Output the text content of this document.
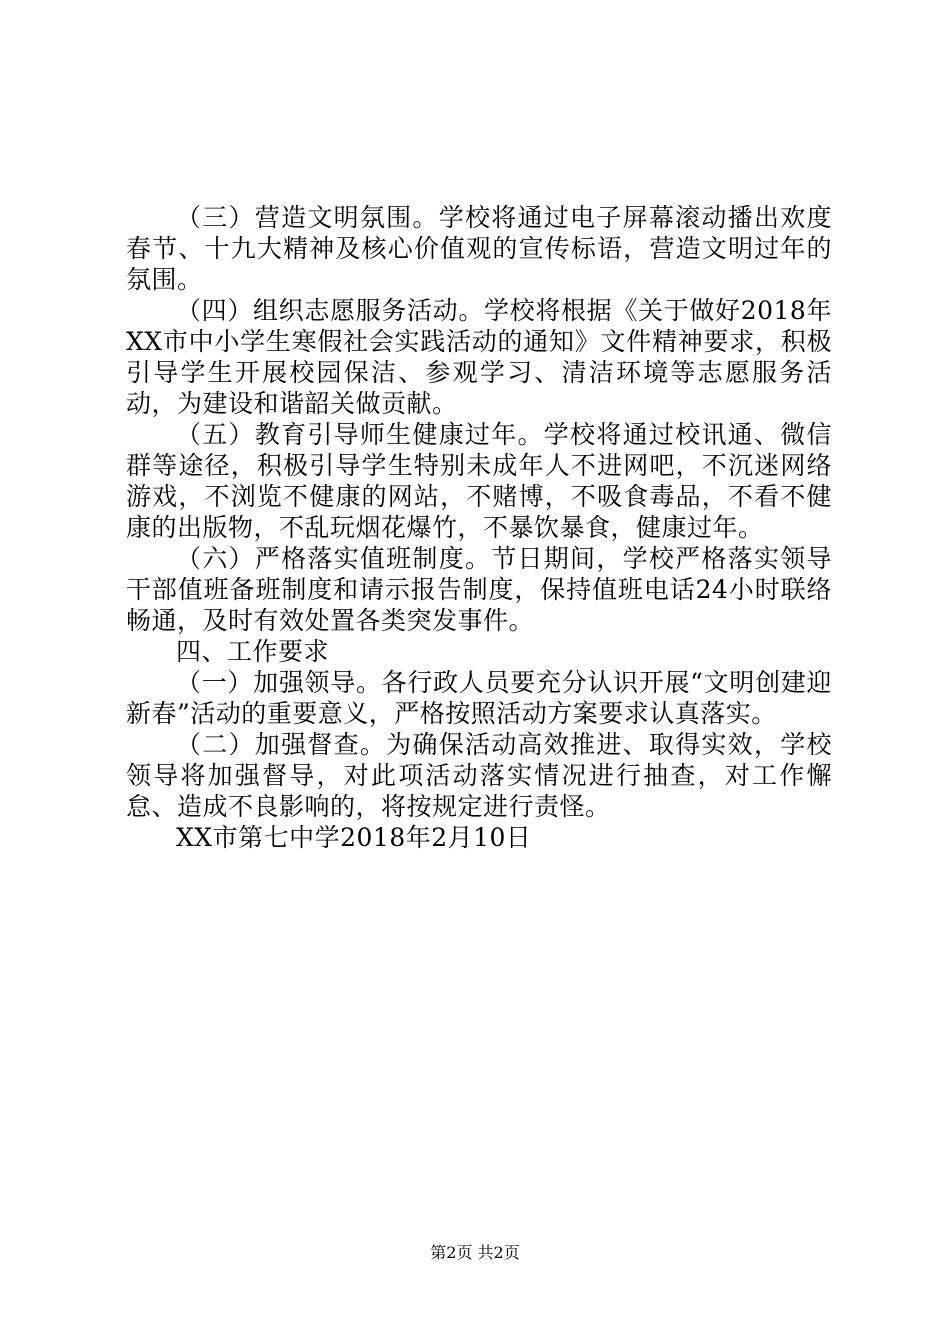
（三）营造文明氛围。学校将通过电子屏幕滚动播出欢度春节、十九大精神及核心价值观的宣传标语，营造文明过年的氛围。

（四）组织志愿服务活动。学校将根据《关于做好2018年XX市中小学生寒假社会实践活动的通知》文件精神要求，积极引导学生开展校园保洁、参观学习、清洁环境等志愿服务活动，为建设和谐韶关做贡献。

（五）教育引导师生健康过年。学校将通过校讯通、微信群等途径，积极引导学生特别未成年人不进网吧，不沉迷网络游戏，不浏览不健康的网站，不赌博，不吸食毒品，不看不健康的出版物，不乱玩烟花爆竹，不暴饮暴食，健康过年。

（六）严格落实值班制度。节日期间，学校严格落实领导干部值班备班制度和请示报告制度，保持值班电话24小时联络畅通，及时有效处置各类突发事件。

四、工作要求

（一）加强领导。各行政人员要充分认识开展“文明创建迎新春”活动的重要意义，严格按照活动方案要求认真落实。

（二）加强督查。为确保活动高效推进、取得实效，学校领导将加强督导，对此项活动落实情况进行抽查，对工作懈怠、造成不良影响的，将按规定进行责怪。

XX市第七中学2018年2月10日

第2页 共2页
